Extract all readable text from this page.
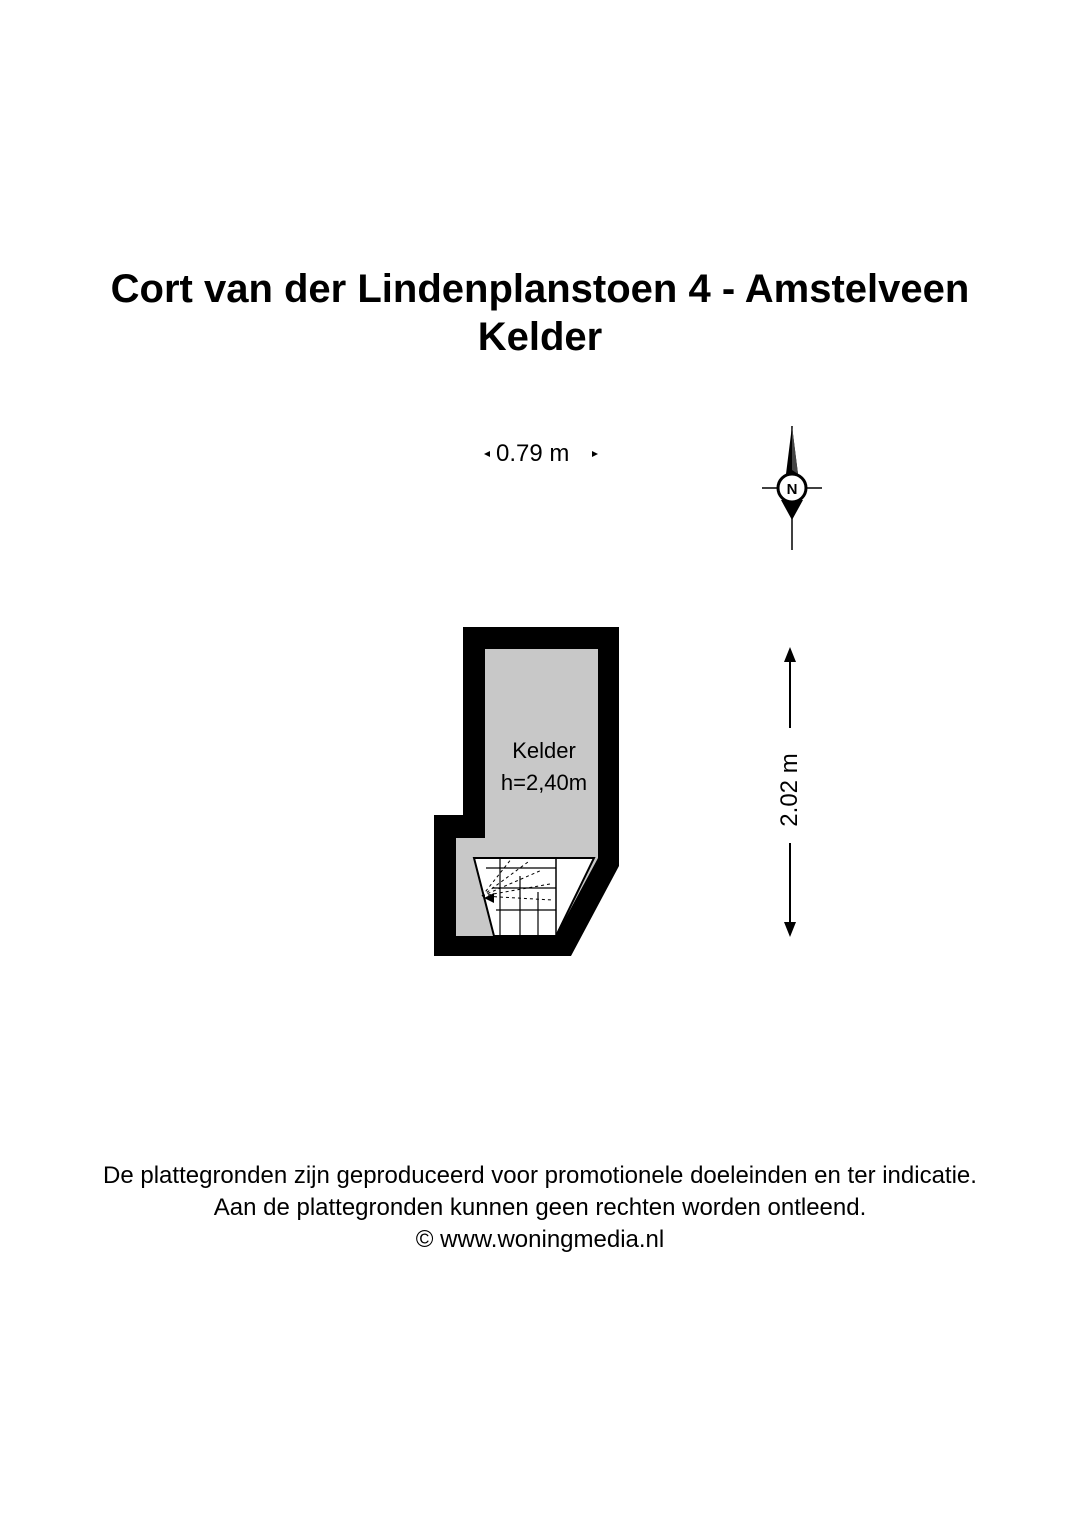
Cort van der Lindenplanstoen 4 - Amstelveen
Kelder
N
0.79 m
2.02 m
Kelder
h=2,40m
De plattegronden zijn geproduceerd voor promotionele doeleinden en ter indicatie.
Aan de plattegronden kunnen geen rechten worden ontleend.
© www.woningmedia.nl
